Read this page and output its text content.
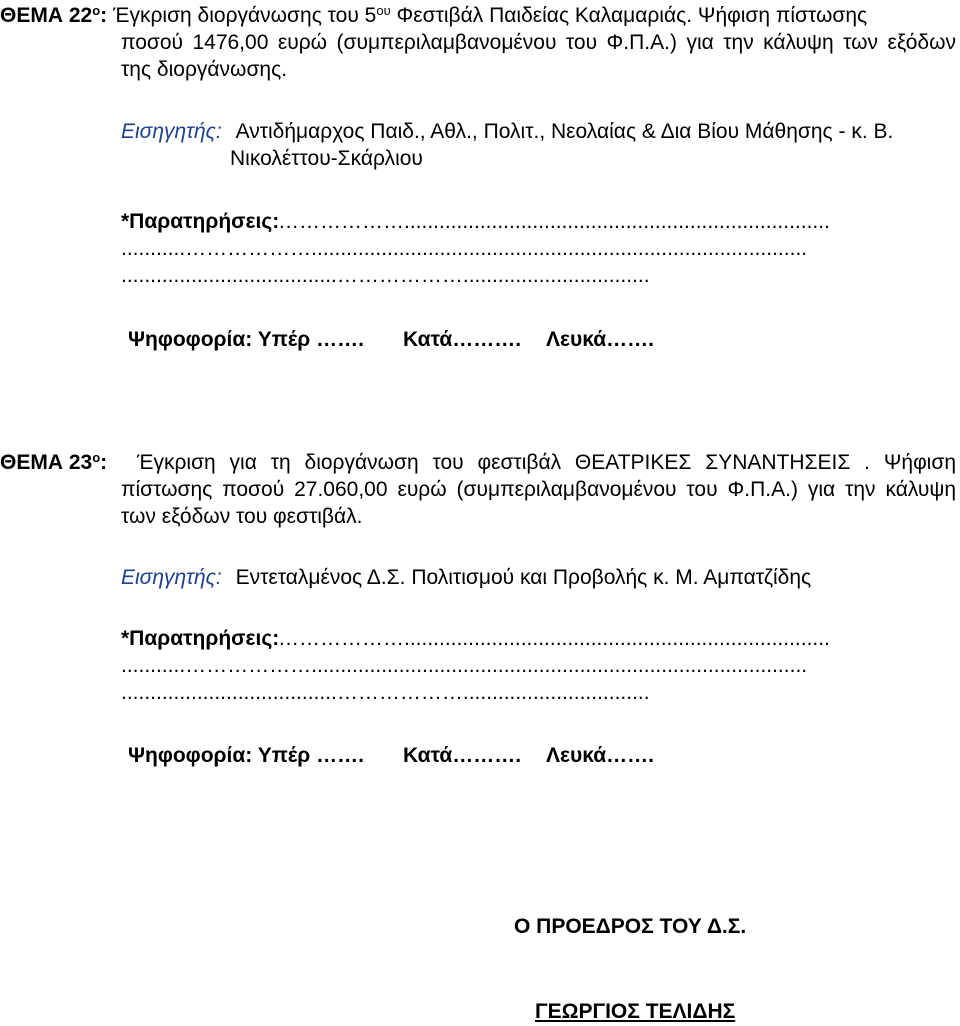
ΘΕΜΑ $22^o$: Έγκριση διοργάνωσης του $5^{o\upsilon}$ Φεστιβάλ Παιδείας Καλαμαριάς. Ψήφιση πίστωσης
ποσού 1476,00 ευρώ (συμπεριλαμβανομένου του Φ.Π.Α.) για την κάλυψη των εξόδων
της διοργάνωσης.
Εισηγητής: Αντιδήμαρχος Παιδ., Αθλ., Πολιτ., Νεολαίας & Δια Βίου Μάθησης - κ. Β.
Νικολέττου-Σκάρλιου
*Παρατηρήσεις:
……………….........................................................................
...........……………….....................................................................................
.....................................………………................................
Ψηφοφορία: Υπέρ ……. Κατά………. Λευκά…….
ΘΕΜΑ $23^o$:	Έγκριση για τη διοργάνωση του φεστιβάλ ΘΕΑΤΡΙΚΕΣ ΣΥΝΑΝΤΗΣΕΙΣ . Ψήφιση
πίστωσης ποσού 27.060,00 ευρώ (συμπεριλαμβανομένου του Φ.Π.Α.) για την κάλυψη
των εξόδων του φεστιβάλ.
Εισηγητής: Εντεταλμένος Δ.Σ. Πολιτισμού και Προβολής κ. Μ. Αμπατζίδης
*Παρατηρήσεις:
……………….........................................................................
...........……………….....................................................................................
.....................................………………................................
Ψηφοφορία: Υπέρ ……. Κατά………. Λευκά…….
Ο ΠΡΟΕΔΡΟΣ ΤΟΥ Δ.Σ.
ΓΕΩΡΓΙΟΣ ΤΕΛΙΔΗΣ
